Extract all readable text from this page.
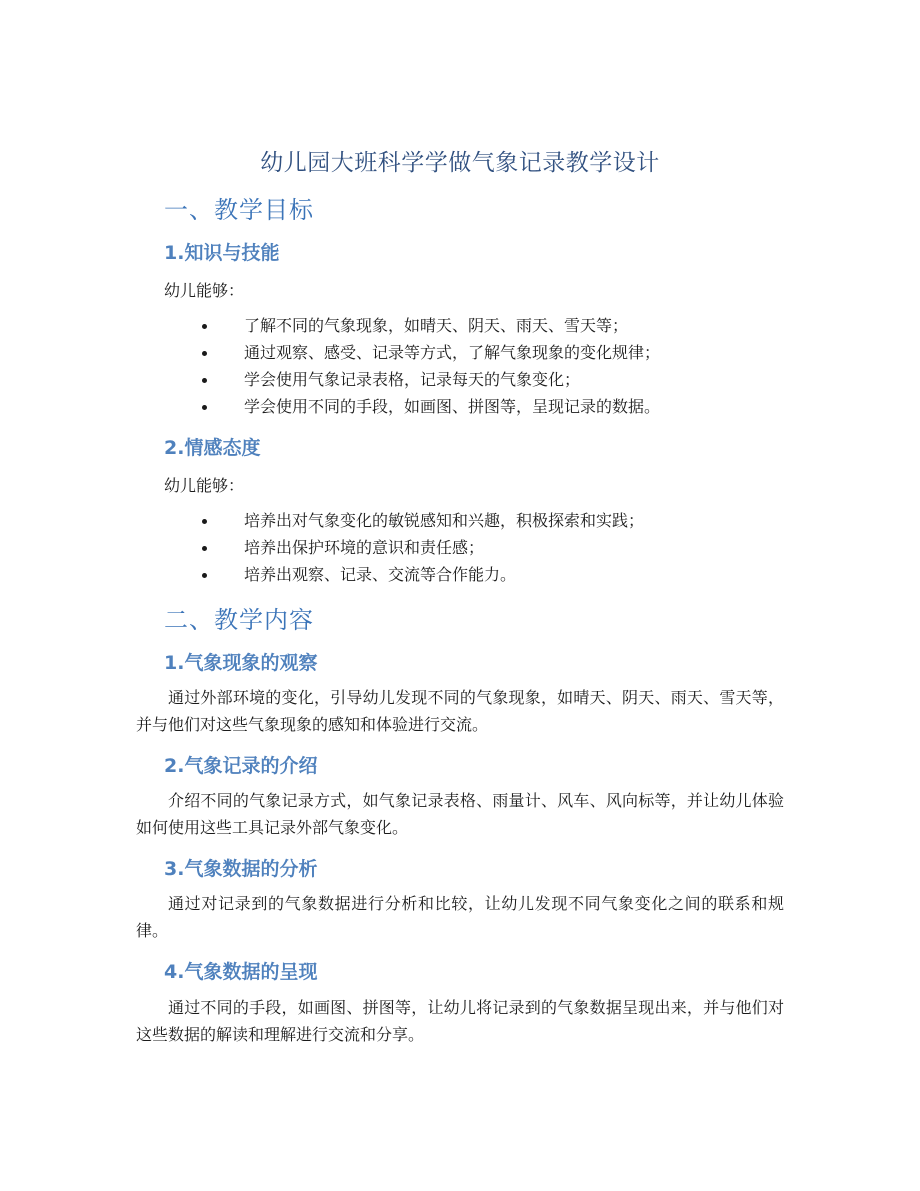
幼儿园大班科学学做气象记录教学设计
一、教学目标
1.知识与技能

幼儿能够：

了解不同的气象现象，如晴天、阴天、雨天、雪天等；
通过观察、感受、记录等方式，了解气象现象的变化规律；
学会使用气象记录表格，记录每天的气象变化；
学会使用不同的手段，如画图、拼图等，呈现记录的数据。
2.情感态度

幼儿能够：

培养出对气象变化的敏锐感知和兴趣，积极探索和实践；
培养出保护环境的意识和责任感；
培养出观察、记录、交流等合作能力。
二、教学内容
1.气象现象的观察

通过外部环境的变化，引导幼儿发现不同的气象现象，如晴天、阴天、雨天、雪天等，并与他们对这些气象现象的感知和体验进行交流。

2.气象记录的介绍

介绍不同的气象记录方式，如气象记录表格、雨量计、风车、风向标等，并让幼儿体验如何使用这些工具记录外部气象变化。

3.气象数据的分析

通过对记录到的气象数据进行分析和比较，让幼儿发现不同气象变化之间的联系和规律。

4.气象数据的呈现

通过不同的手段，如画图、拼图等，让幼儿将记录到的气象数据呈现出来，并与他们对这些数据的解读和理解进行交流和分享。
